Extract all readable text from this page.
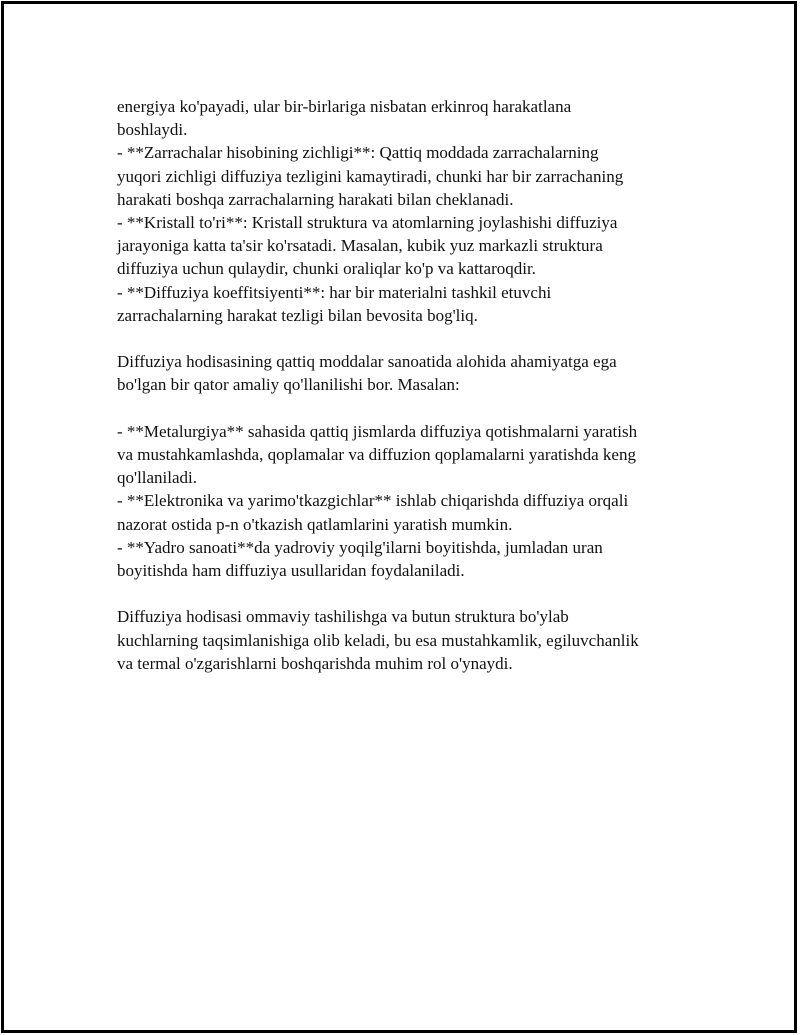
energiya ko'payadi, ular bir-birlariga nisbatan erkinroq harakatlana
boshlaydi.
- **Zarrachalar hisobining zichligi**: Qattiq moddada zarrachalarning
yuqori zichligi diffuziya tezligini kamaytiradi, chunki har bir zarrachaning
harakati boshqa zarrachalarning harakati bilan cheklanadi.
- **Kristall to'ri**: Kristall struktura va atomlarning joylashishi diffuziya
jarayoniga katta ta'sir ko'rsatadi. Masalan, kubik yuz markazli struktura
diffuziya uchun qulaydir, chunki oraliqlar ko'p va kattaroqdir.
- **Diffuziya koeffitsiyenti**: har bir materialni tashkil etuvchi
zarrachalarning harakat tezligi bilan bevosita bog'liq.

Diffuziya hodisasining qattiq moddalar sanoatida alohida ahamiyatga ega
bo'lgan bir qator amaliy qo'llanilishi bor. Masalan:

- **Metalurgiya** sahasida qattiq jismlarda diffuziya qotishmalarni yaratish
va mustahkamlashda, qoplamalar va diffuzion qoplamalarni yaratishda keng
qo'llaniladi.
- **Elektronika va yarimo'tkazgichlar** ishlab chiqarishda diffuziya orqali
nazorat ostida p-n o'tkazish qatlamlarini yaratish mumkin.
- **Yadro sanoati**da yadroviy yoqilg'ilarni boyitishda, jumladan uran
boyitishda ham diffuziya usullaridan foydalaniladi.

Diffuziya hodisasi ommaviy tashilishga va butun struktura bo'ylab
kuchlarning taqsimlanishiga olib keladi, bu esa mustahkamlik, egiluvchanlik
va termal o'zgarishlarni boshqarishda muhim rol o'ynaydi.
